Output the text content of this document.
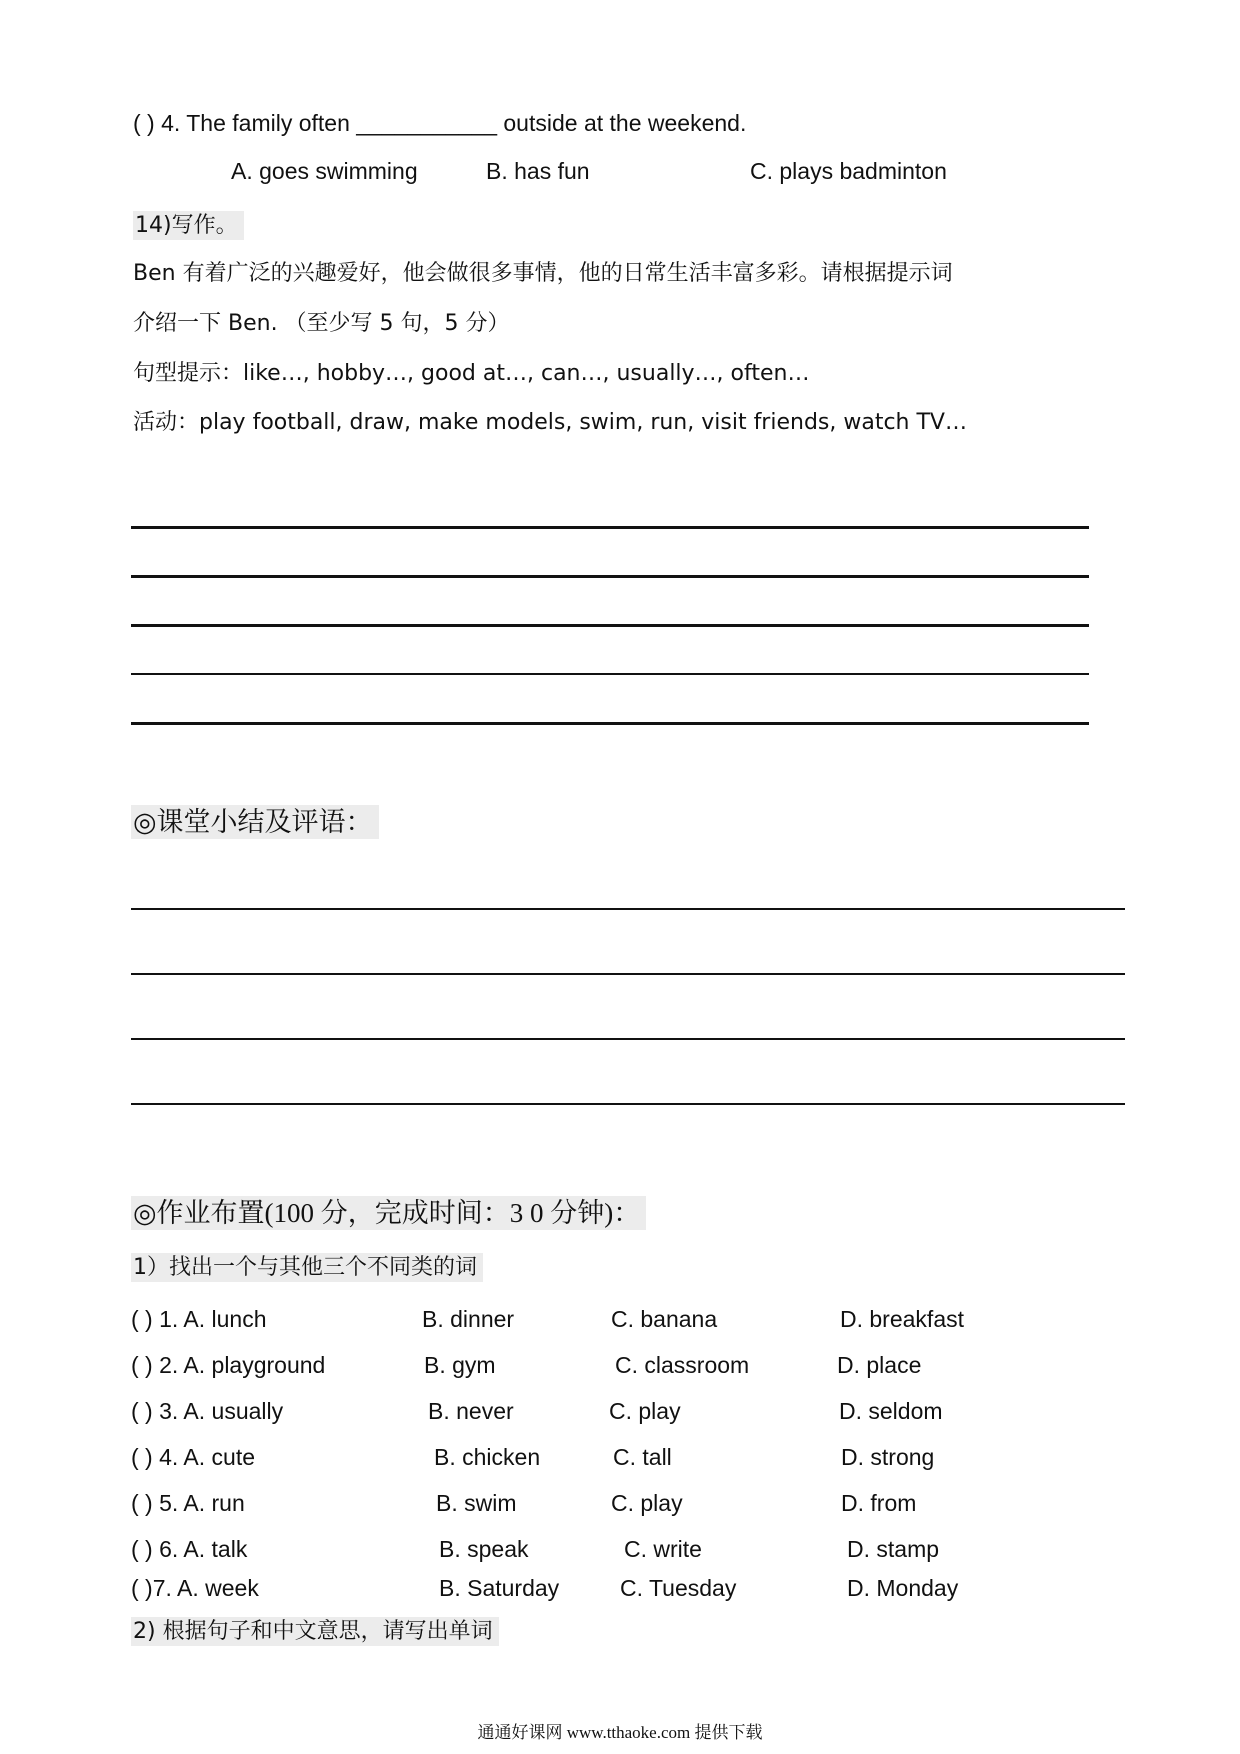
( ) 4. The family often ___________ outside at the weekend.
A. goes swimming	B. has fun	C. plays badminton
14)写作。
Ben 有着广泛的兴趣爱好，他会做很多事情，他的日常生活丰富多彩。请根据提示词
介绍一下 Ben. （至少写 5 句，5 分）
句型提示：like…, hobby…, good at…, can…, usually…, often…
活动：play football, draw, make models, swim, run, visit friends, watch TV…
◎课堂小结及评语：
◎作业布置(100 分，完成时间：3 0 分钟)：
1）找出一个与其他三个不同类的词
( ) 1. A. lunch	B. dinner	C. banana	D. breakfast
( ) 2. A. playground	B. gym	C. classroom	D. place
( ) 3. A. usually	B. never	C. play	D. seldom
( ) 4. A. cute	B. chicken	C. tall	D. strong
( ) 5. A. run	B. swim	C. play	D. from
( ) 6. A. talk	B. speak	C. write	D. stamp
( )7. A. week	B. Saturday	C. Tuesday	D. Monday
2) 根据句子和中文意思，请写出单词
通通好课网 www.tthaoke.com 提供下载
